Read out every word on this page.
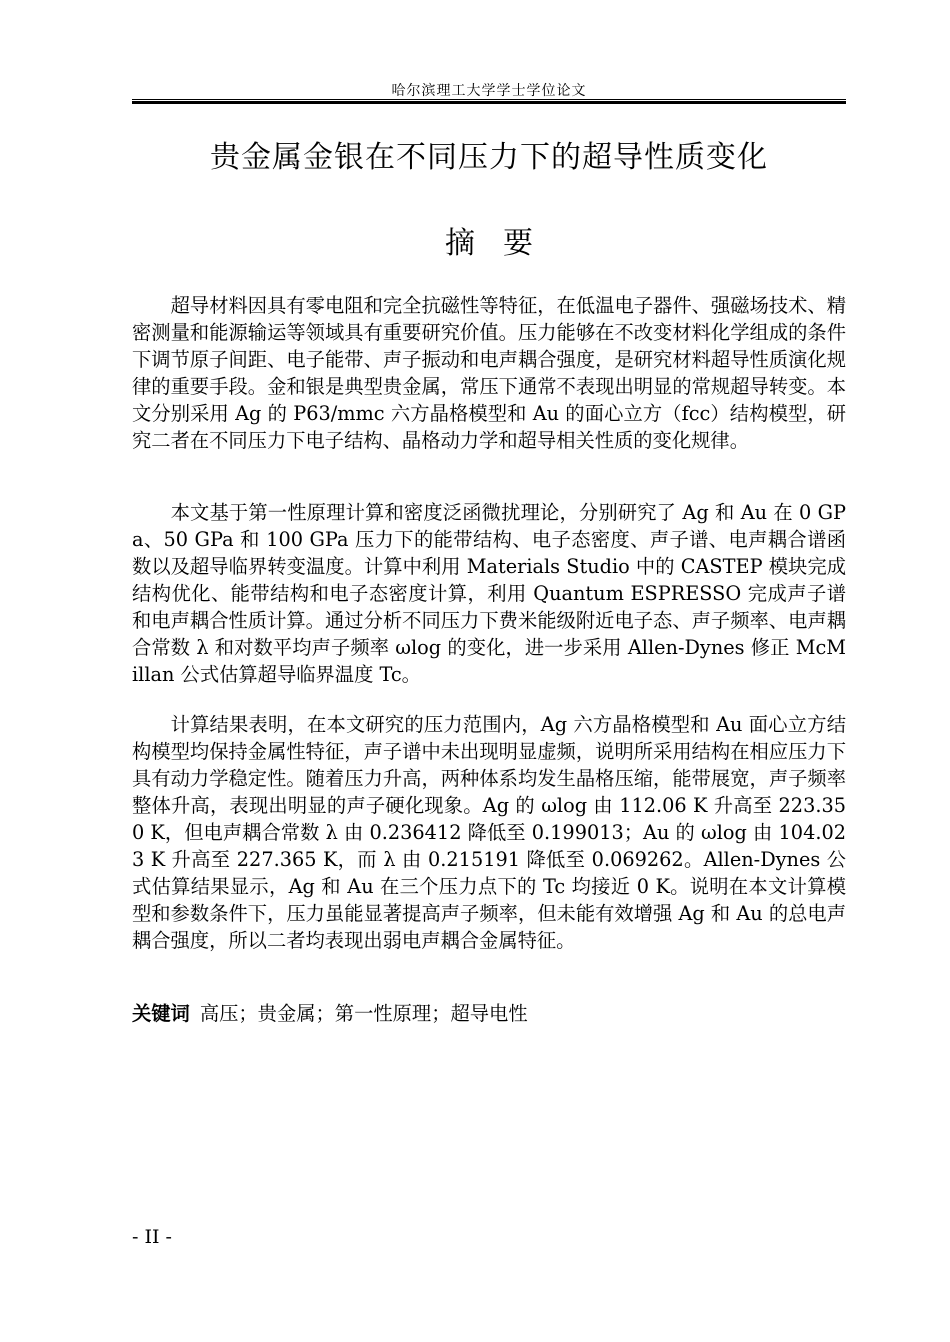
哈尔滨理工大学学士学位论文
贵金属金银在不同压力下的超导性质变化
摘要

超导材料因具有零电阻和完全抗磁性等特征，在低温电子器件、强磁场技术、精密测量和能源输运等领域具有重要研究价值。压力能够在不改变材料化学组成的条件下调节原子间距、电子能带、声子振动和电声耦合强度，是研究材料超导性质演化规律的重要手段。金和银是典型贵金属，常压下通常不表现出明显的常规超导转变。本文分别采用 Ag 的 P63/mmc 六方晶格模型和 Au 的面心立方（fcc）结构模型，研究二者在不同压力下电子结构、晶格动力学和超导相关性质的变化规律。

本文基于第一性原理计算和密度泛函微扰理论，分别研究了 Ag 和 Au 在 0 GPa、50 GPa 和 100 GPa 压力下的能带结构、电子态密度、声子谱、电声耦合谱函数以及超导临界转变温度。计算中利用 Materials Studio 中的 CASTEP 模块完成结构优化、能带结构和电子态密度计算，利用 Quantum ESPRESSO 完成声子谱和电声耦合性质计算。通过分析不同压力下费米能级附近电子态、声子频率、电声耦合常数 λ 和对数平均声子频率 ωlog 的变化，进一步采用 Allen-Dynes 修正 McMillan 公式估算超导临界温度 Tc。

计算结果表明，在本文研究的压力范围内，Ag 六方晶格模型和 Au 面心立方结构模型均保持金属性特征，声子谱中未出现明显虚频，说明所采用结构在相应压力下具有动力学稳定性。随着压力升高，两种体系均发生晶格压缩，能带展宽，声子频率整体升高，表现出明显的声子硬化现象。Ag 的 ωlog 由 112.06 K 升高至 223.350 K，但电声耦合常数 λ 由 0.236412 降低至 0.199013；Au 的 ωlog 由 104.023 K 升高至 227.365 K，而 λ 由 0.215191 降低至 0.069262。Allen-Dynes 公式估算结果显示，Ag 和 Au 在三个压力点下的 Tc 均接近 0 K。说明在本文计算模型和参数条件下，压力虽能显著提高声子频率，但未能有效增强 Ag 和 Au 的总电声耦合强度，所以二者均表现出弱电声耦合金属特征。

关键词 高压；贵金属；第一性原理；超导电性
- II -
